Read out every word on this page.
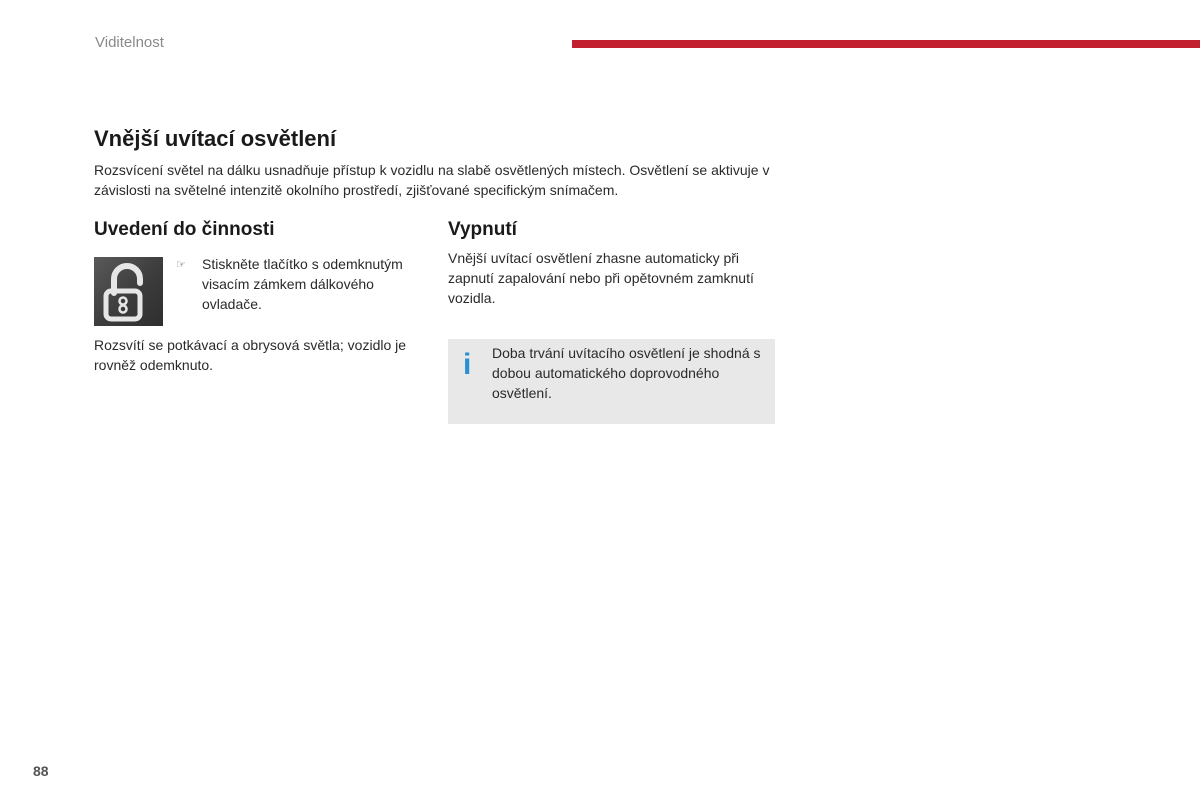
Viditelnost
Vnější uvítací osvětlení

Rozsvícení světel na dálku usnadňuje přístup k vozidlu na slabě osvětlených místech. Osvětlení se aktivuje v závislosti na světelné intenzitě okolního prostředí, zjišťované specifickým snímačem.

Uvedení do činnosti
☞ Stiskněte tlačítko s odemknutým visacím zámkem dálkového ovladače.

Rozsvítí se potkávací a obrysová světla; vozidlo je rovněž odemknuto.

Vypnutí

Vnější uvítací osvětlení zhasne automaticky při zapnutí zapalování nebo při opětovném zamknutí vozidla.

i Doba trvání uvítacího osvětlení je shodná s dobou automatického doprovodného osvětlení.

88
